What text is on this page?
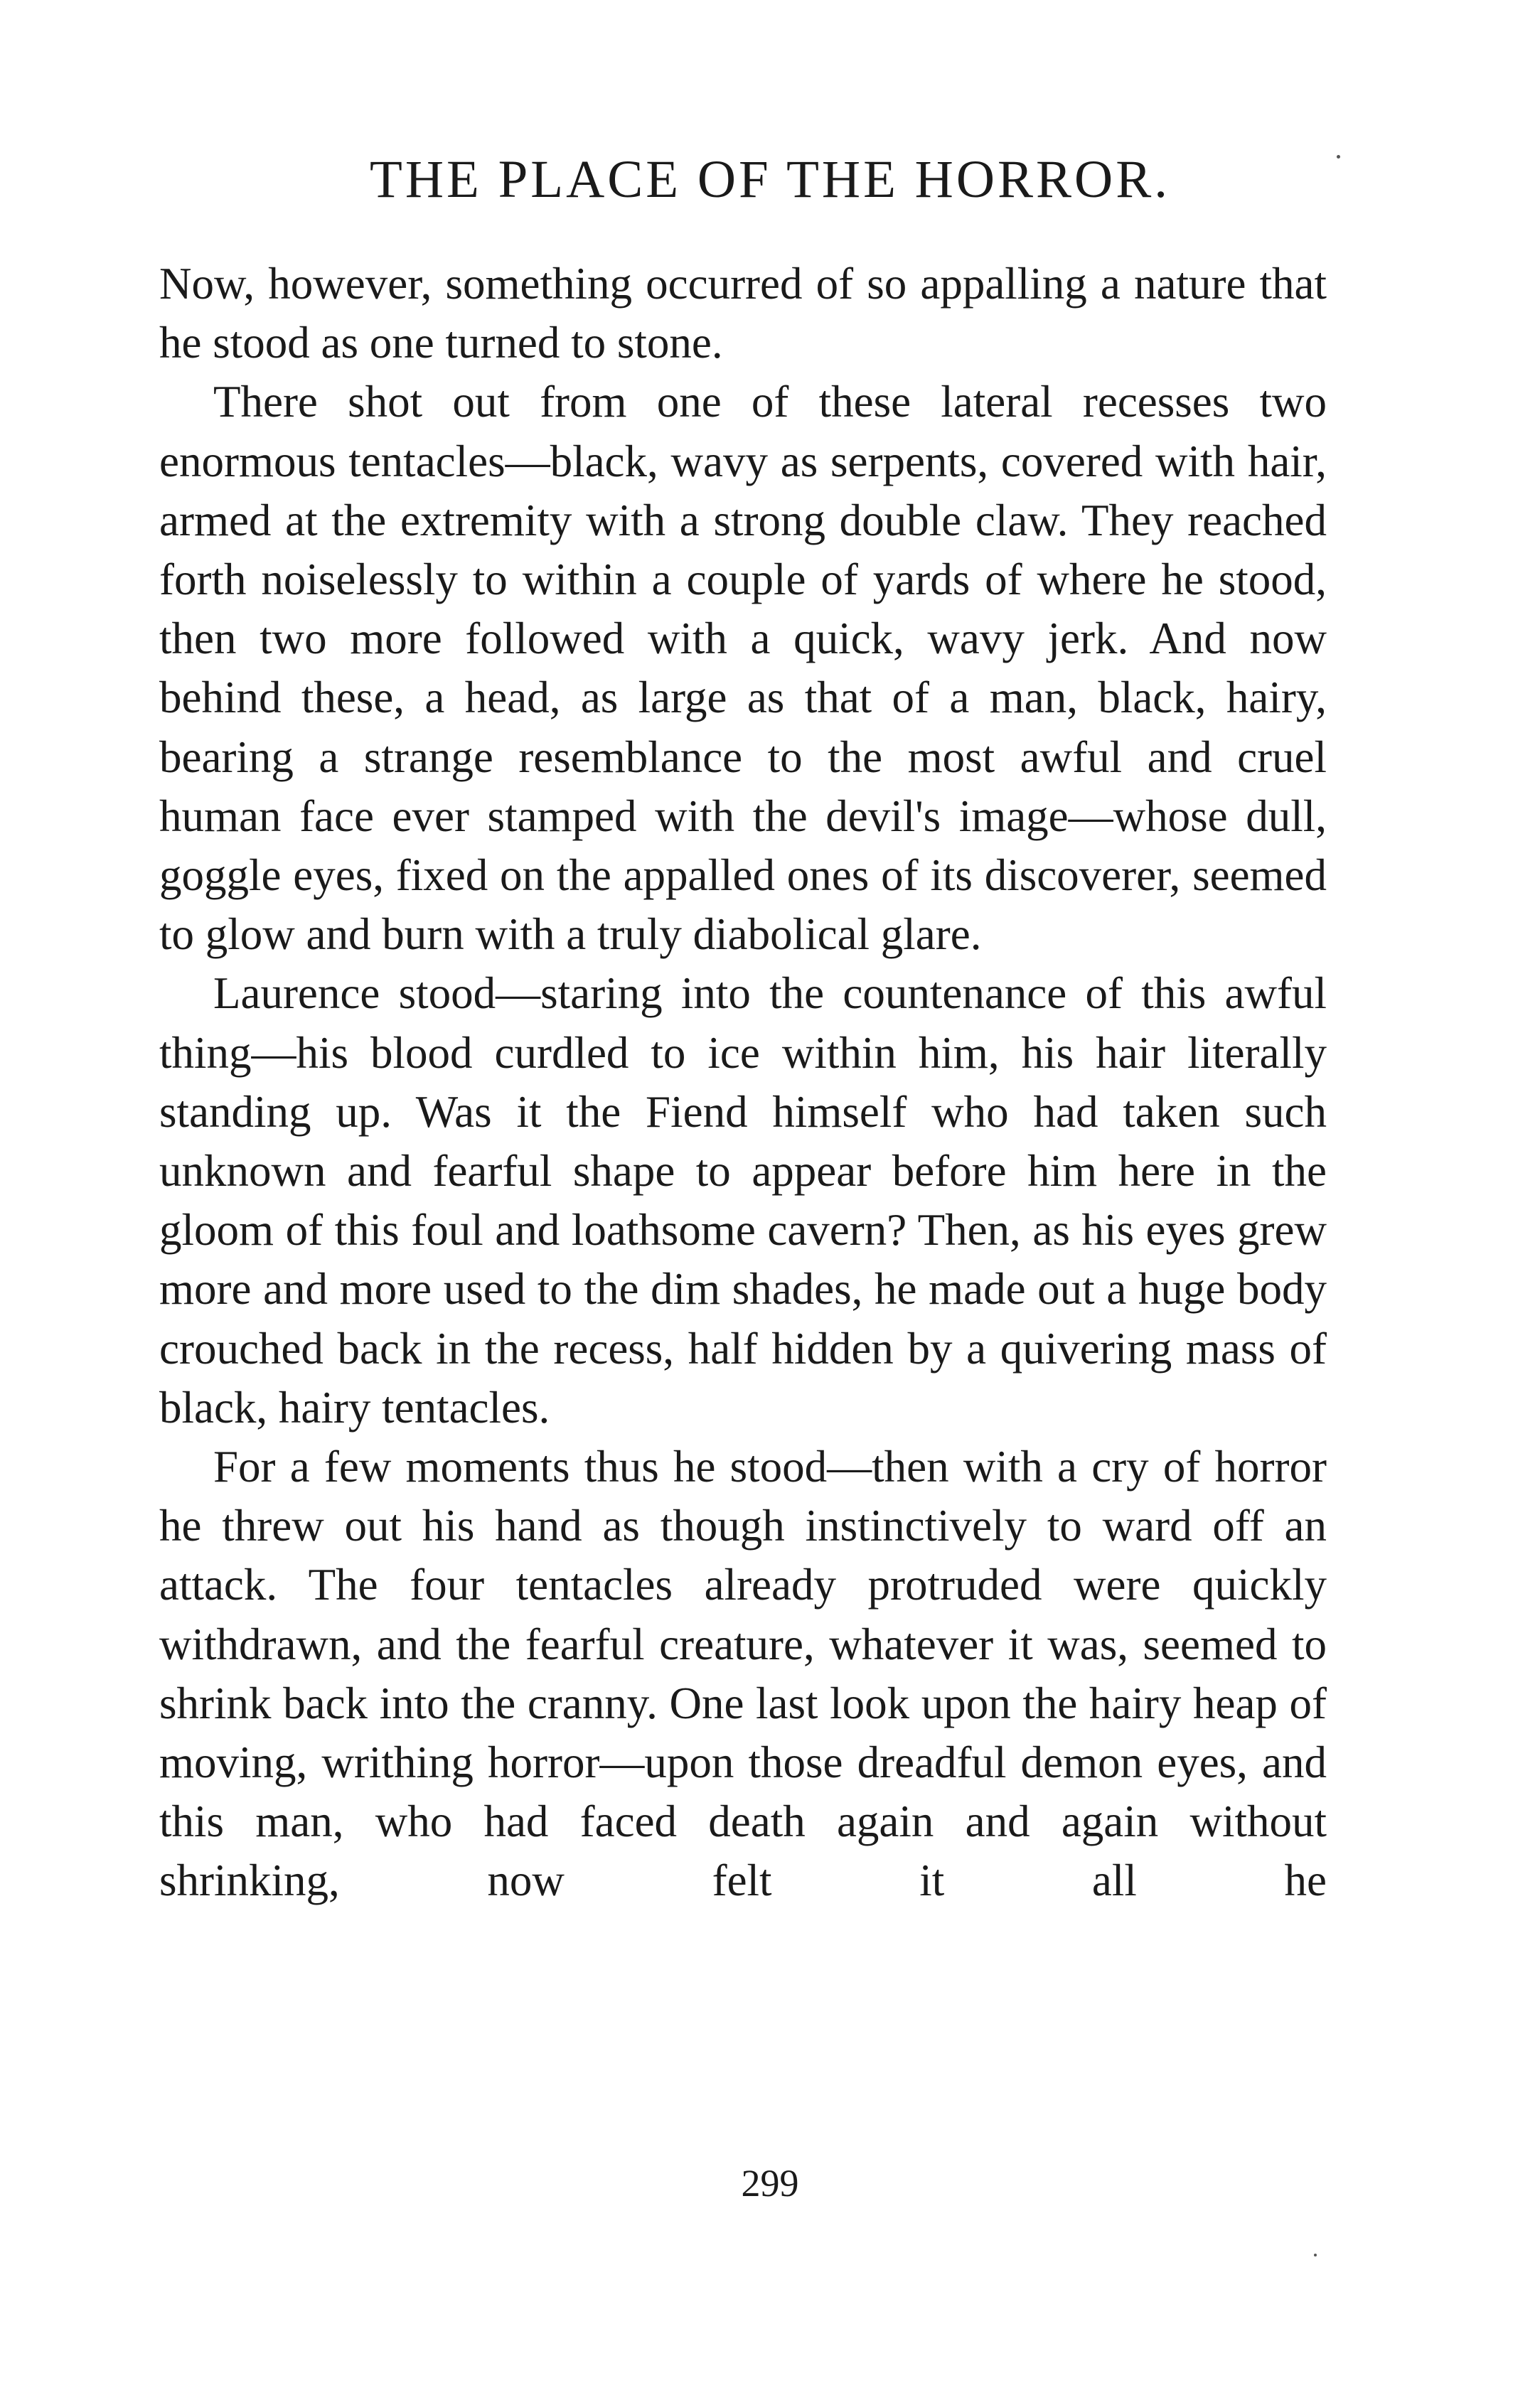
THE PLACE OF THE HORROR.

Now, however, something occurred of so appalling a nature that he stood as one turned to stone.

There shot out from one of these lateral recesses two enormous tentacles—black, wavy as serpents, covered with hair, armed at the extremity with a strong double claw. They reached forth noiselessly to within a couple of yards of where he stood, then two more followed with a quick, wavy jerk. And now behind these, a head, as large as that of a man, black, hairy, bearing a strange resemblance to the most awful and cruel human face ever stamped with the devil's image—whose dull, goggle eyes, fixed on the appalled ones of its discoverer, seemed to glow and burn with a truly diabolical glare.

Laurence stood—staring into the countenance of this awful thing—his blood curdled to ice within him, his hair literally standing up. Was it the Fiend himself who had taken such unknown and fearful shape to appear before him here in the gloom of this foul and loathsome cavern? Then, as his eyes grew more and more used to the dim shades, he made out a huge body crouched back in the recess, half hidden by a quivering mass of black, hairy tentacles.

For a few moments thus he stood—then with a cry of horror he threw out his hand as though instinctively to ward off an attack. The four tentacles already protruded were quickly withdrawn, and the fearful creature, whatever it was, seemed to shrink back into the cranny. One last look upon the hairy heap of moving, writhing horror—upon those dreadful demon eyes, and this man, who had faced death again and again without shrinking, now felt it all he

299
